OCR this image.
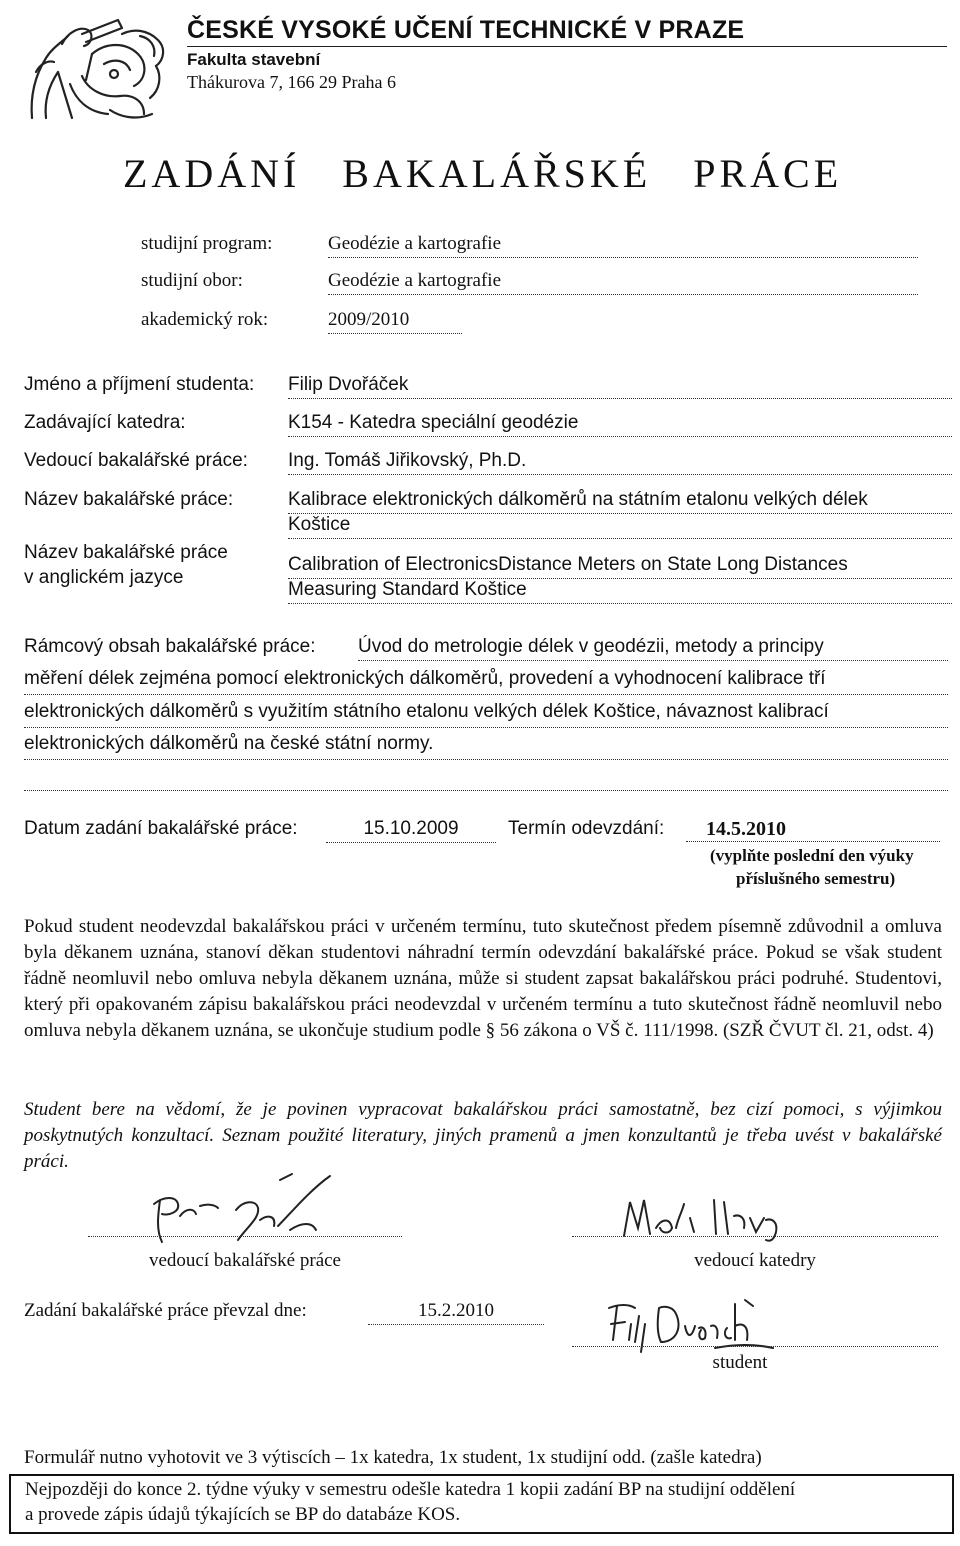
ČESKÉ VYSOKÉ UČENÍ TECHNICKÉ V PRAZE
Fakulta stavební
Thákurova 7, 166 29 Praha 6
ZADÁNÍ   BAKALÁŘSKÉ   PRÁCE
studijní program:	Geodézie a kartografie
studijní obor:	Geodézie a kartografie
akademický rok:	2009/2010
Jméno a příjmení studenta: Filip Dvořáček
Zadávající katedra:	K154 - Katedra speciální geodézie
Vedoucí bakalářské práce: Ing. Tomáš Jiřikovský, Ph.D.
Název bakalářské práce:	Kalibrace elektronických dálkoměrů na státním etalonu velkých délek
Koštice
Název bakalářské práce
v anglickém jazyce
Calibration of ElectronicsDistance Meters on State Long Distances
Measuring Standard Koštice
Rámcový obsah bakalářské práce: Úvod do metrologie délek v geodézii, metody a principy
měření délek zejména pomocí elektronických dálkoměrů, provedení a vyhodnocení kalibrace tří
elektronických dálkoměrů s využitím státního etalonu velkých délek Koštice, návaznost kalibrací
elektronických dálkoměrů na české státní normy.
Datum zadání bakalářské práce:	15.10.2009	Termín odevzdání:	14.5.2010
(vyplňte poslední den výuky
příslušného semestru)
Pokud student neodevzdal bakalářskou práci v určeném termínu, tuto skutečnost předem písemně zdůvodnil a omluva byla děkanem uznána, stanoví děkan studentovi náhradní termín odevzdání bakalářské práce. Pokud se však student řádně neomluvil nebo omluva nebyla děkanem uznána, může si student zapsat bakalářskou práci podruhé. Studentovi, který při opakovaném zápisu bakalářskou práci neodevzdal v určeném termínu a tuto skutečnost řádně neomluvil nebo omluva nebyla děkanem uznána, se ukončuje studium podle § 56 zákona o VŠ č. 111/1998. (SZŘ ČVUT čl. 21, odst. 4)
Student bere na vědomí, že je povinen vypracovat bakalářskou práci samostatně, bez cizí pomoci, s výjimkou poskytnutých konzultací. Seznam použité literatury, jiných pramenů a jmen konzultantů je třeba uvést v bakalářské práci.
vedoucí bakalářské práce	vedoucí katedry
Zadání bakalářské práce převzal dne:	15.2.2010
student
Formulář nutno vyhotovit ve 3 výtiscích – 1x katedra, 1x student, 1x studijní odd. (zašle katedra)
Nejpozději do konce 2. týdne výuky v semestru odešle katedra 1 kopii zadání BP na studijní oddělení
a provede zápis údajů týkajících se BP do databáze KOS.
